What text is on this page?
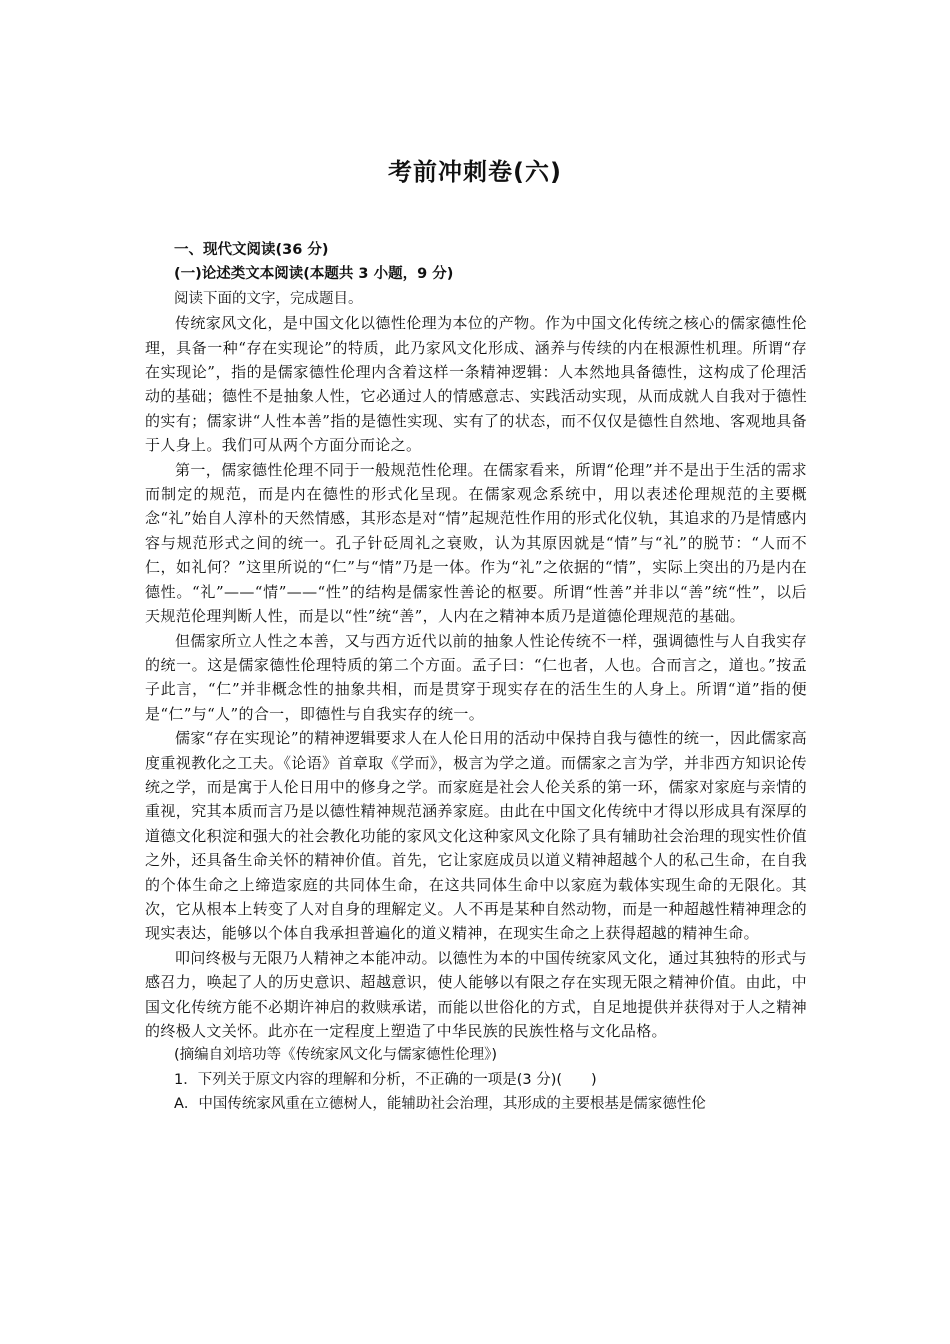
考前冲刺卷(六)

一、现代文阅读(36 分)

(一)论述类文本阅读(本题共 3 小题，9 分)

阅读下面的文字，完成题目。

传统家风文化，是中国文化以德性伦理为本位的产物。作为中国文化传统之核心的儒家德性伦理，具备一种“存在实现论”的特质，此乃家风文化形成、涵养与传续的内在根源性机理。所谓“存在实现论”，指的是儒家德性伦理内含着这样一条精神逻辑：人本然地具备德性，这构成了伦理活动的基础；德性不是抽象人性，它必通过人的情感意志、实践活动实现，从而成就人自我对于德性的实有；儒家讲“人性本善”指的是德性实现、实有了的状态，而不仅仅是德性自然地、客观地具备于人身上。我们可从两个方面分而论之。

第一，儒家德性伦理不同于一般规范性伦理。在儒家看来，所谓“伦理”并不是出于生活的需求而制定的规范，而是内在德性的形式化呈现。在儒家观念系统中，用以表述伦理规范的主要概念“礼”始自人淳朴的天然情感，其形态是对“情”起规范性作用的形式化仪轨，其追求的乃是情感内容与规范形式之间的统一。孔子针砭周礼之衰败，认为其原因就是“情”与“礼”的脱节：“人而不仁，如礼何？”这里所说的“仁”与“情”乃是一体。作为“礼”之依据的“情”，实际上突出的乃是内在德性。“礼”——“情”——“性”的结构是儒家性善论的枢要。所谓“性善”并非以“善”统“性”，以后天规范伦理判断人性，而是以“性”统“善”，人内在之精神本质乃是道德伦理规范的基础。

但儒家所立人性之本善，又与西方近代以前的抽象人性论传统不一样，强调德性与人自我实存的统一。这是儒家德性伦理特质的第二个方面。孟子曰：“仁也者，人也。合而言之，道也。”按孟子此言，“仁”并非概念性的抽象共相，而是贯穿于现实存在的活生生的人身上。所谓“道”指的便是“仁”与“人”的合一，即德性与自我实存的统一。

儒家“存在实现论”的精神逻辑要求人在人伦日用的活动中保持自我与德性的统一，因此儒家高度重视教化之工夫。《论语》首章取《学而》，极言为学之道。而儒家之言为学，并非西方知识论传统之学，而是寓于人伦日用中的修身之学。而家庭是社会人伦关系的第一环，儒家对家庭与亲情的重视，究其本质而言乃是以德性精神规范涵养家庭。由此在中国文化传统中才得以形成具有深厚的道德文化积淀和强大的社会教化功能的家风文化这种家风文化除了具有辅助社会治理的现实性价值之外，还具备生命关怀的精神价值。首先，它让家庭成员以道义精神超越个人的私己生命，在自我的个体生命之上缔造家庭的共同体生命，在这共同体生命中以家庭为载体实现生命的无限化。其次，它从根本上转变了人对自身的理解定义。人不再是某种自然动物，而是一种超越性精神理念的现实表达，能够以个体自我承担普遍化的道义精神，在现实生命之上获得超越的精神生命。

叩问终极与无限乃人精神之本能冲动。以德性为本的中国传统家风文化，通过其独特的形式与感召力，唤起了人的历史意识、超越意识，使人能够以有限之存在实现无限之精神价值。由此，中国文化传统方能不必期许神启的救赎承诺，而能以世俗化的方式，自足地提供并获得对于人之精神的终极人文关怀。此亦在一定程度上塑造了中华民族的民族性格与文化品格。

(摘编自刘培功等《传统家风文化与儒家德性伦理》)

1．下列关于原文内容的理解和分析，不正确的一项是(3 分)(　　)

A．中国传统家风重在立德树人，能辅助社会治理，其形成的主要根基是儒家德性伦
